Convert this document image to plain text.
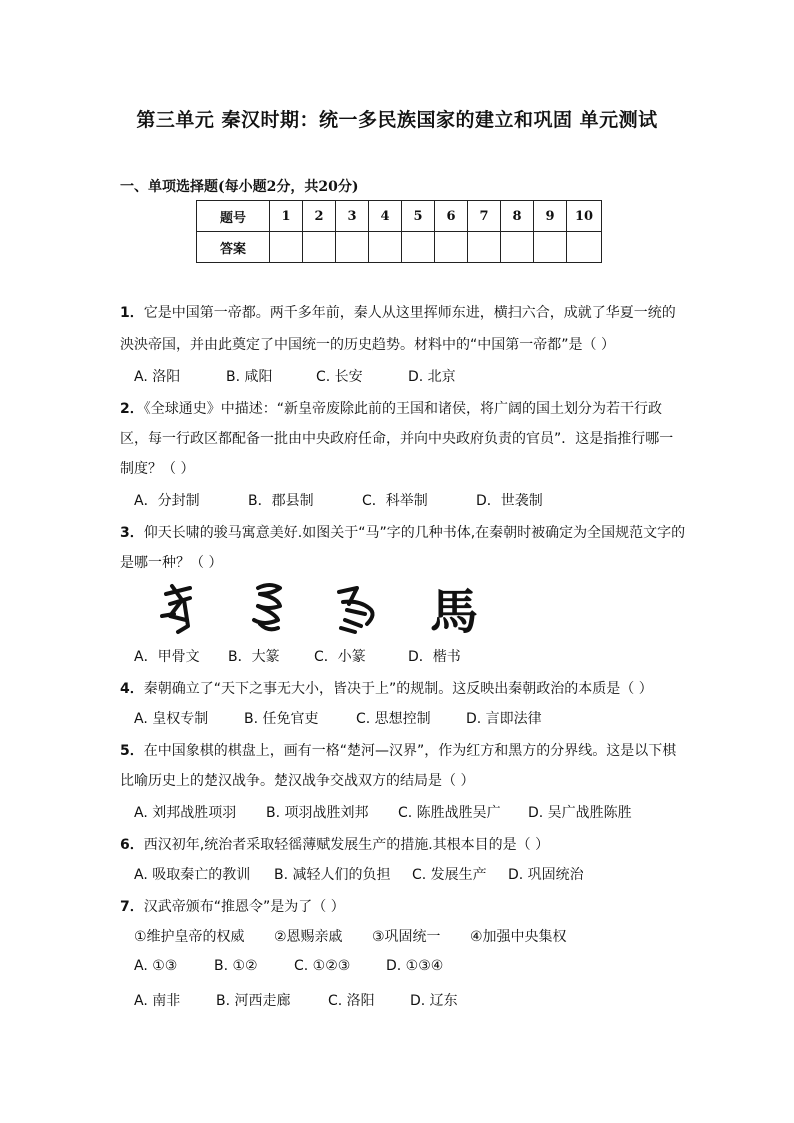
第三单元 秦汉时期：统一多民族国家的建立和巩固 单元测试
一、单项选择题(每小题2分，共20分)
题号	1	2	3	4	5	6	7	8	9	10
答案										
1．它是中国第一帝都。两千多年前，秦人从这里挥师东进，横扫六合，成就了华夏一统的
泱泱帝国，并由此奠定了中国统一的历史趋势。材料中的“中国第一帝都”是（ ）
A. 洛阳	B. 咸阳	C. 长安	D. 北京
2．《全球通史》中描述：“新皇帝废除此前的王国和诸侯，将广阔的国土划分为若干行政
区，每一行政区都配备一批由中央政府任命，并向中央政府负责的官员”．这是指推行哪一
制度？（ ）
A．分封制	B．郡县制	C．科举制	D．世袭制
3．仰天长啸的骏马寓意美好.如图关于“马”字的几种书体,在秦朝时被确定为全国规范文字的
是哪一种？（ ）
馬
A．甲骨文 B．大篆 C．小篆	D．楷书
4．秦朝确立了“天下之事无大小，皆决于上”的规制。这反映出秦朝政治的本质是（ ）
A. 皇权专制	B. 任免官吏	C. 思想控制	D. 言即法律
5．在中国象棋的棋盘上，画有一格“楚河—汉界”，作为红方和黑方的分界线。这是以下棋
比喻历史上的楚汉战争。楚汉战争交战双方的结局是（ ）
A. 刘邦战胜项羽 B. 项羽战胜刘邦 C. 陈胜战胜吴广 D. 吴广战胜陈胜
6．西汉初年,统治者采取轻徭薄赋发展生产的措施.其根本目的是（ ）
A. 吸取秦亡的教训 B. 减轻人们的负担 C. 发展生产 D. 巩固统治
7．汉武帝颁布“推恩令”是为了（ ）
①维护皇帝的权威 ②恩赐亲戚 ③巩固统一 ④加强中央集权
A. ①③	B. ①②	C. ①②③	D. ①③④
A. 南非	B. 河西走廊	C. 洛阳	D. 辽东
